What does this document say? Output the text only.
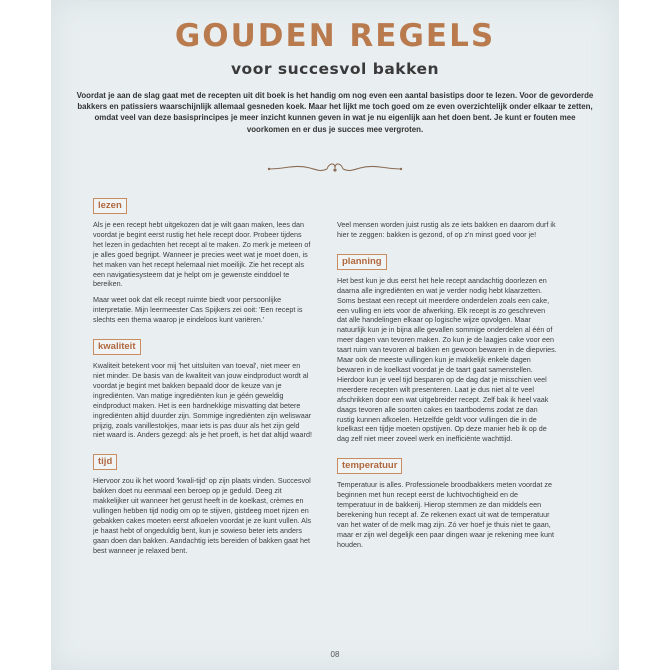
GOUDEN REGELS
voor succesvol bakken

Voordat je aan de slag gaat met de recepten uit dit boek is het handig om nog even een aantal basistips door te lezen. Voor de gevorderde bakkers en patissiers waarschijnlijk allemaal gesneden koek. Maar het lijkt me toch goed om ze even overzichtelijk onder elkaar te zetten, omdat veel van deze basisprincipes je meer inzicht kunnen geven in wat je nu eigenlijk aan het doen bent. Je kunt er fouten mee voorkomen en er dus je succes mee vergroten.

lezen

Als je een recept hebt uitgekozen dat je wilt gaan maken, lees dan voordat je begint eerst rustig het hele recept door. Probeer tijdens het lezen in gedachten het recept al te maken. Zo merk je meteen of je alles goed begrijpt. Wanneer je precies weet wat je moet doen, is het maken van het recept helemaal niet moeilijk. Zie het recept als een navigatiesysteem dat je helpt om je gewenste einddoel te bereiken.

Maar weet ook dat elk recept ruimte biedt voor persoonlijke interpretatie. Mijn leermeester Cas Spijkers zei ooit: 'Een recept is slechts een thema waarop je eindeloos kunt variëren.'

kwaliteit

Kwaliteit betekent voor mij 'het uitsluiten van toeval', niet meer en niet minder. De basis van de kwaliteit van jouw eindproduct wordt al voordat je begint met bakken bepaald door de keuze van je ingrediënten. Van matige ingrediënten kun je géén geweldig eindproduct maken. Het is een hardnekkige misvatting dat betere ingrediënten altijd duurder zijn. Sommige ingrediënten zijn weliswaar prijzig, zoals vanillestokjes, maar iets is pas duur als het zijn geld niet waard is. Anders gezegd: als je het proeft, is het dat altijd waard!

tijd

Hiervoor zou ik het woord 'kwali-tijd' op zijn plaats vinden. Succesvol bakken doet nu eenmaal een beroep op je geduld. Deeg zit makkelijker uit wanneer het gerust heeft in de koelkast, crèmes en vullingen hebben tijd nodig om op te stijven, gistdeeg moet rijzen en gebakken cakes moeten eerst afkoelen voordat je ze kunt vullen. Als je haast hebt of ongeduldig bent, kun je sowieso beter iets anders gaan doen dan bakken. Aandachtig iets bereiden of bakken gaat het best wanneer je relaxed bent.

Veel mensen worden juist rustig als ze iets bakken en daarom durf ik hier te zeggen: bakken is gezond, of op z'n minst goed voor je!

planning

Het best kun je dus eerst het hele recept aandachtig doorlezen en daarna alle ingrediënten en wat je verder nodig hebt klaarzetten. Soms bestaat een recept uit meerdere onderdelen zoals een cake, een vulling en iets voor de afwerking. Elk recept is zo geschreven dat alle handelingen elkaar op logische wijze opvolgen. Maar natuurlijk kun je in bijna alle gevallen sommige onderdelen al één of meer dagen van tevoren maken. Zo kun je de laagjes cake voor een taart ruim van tevoren al bakken en gewoon bewaren in de diepvries. Maar ook de meeste vullingen kun je makkelijk enkele dagen bewaren in de koelkast voordat je de taart gaat samenstellen. Hierdoor kun je veel tijd besparen op de dag dat je misschien veel meerdere recepten wilt presenteren. Laat je dus niet al te veel afschrikken door een wat uitgebreider recept. Zelf bak ik heel vaak daags tevoren alle soorten cakes en taartbodems zodat ze dan rustig kunnen afkoelen. Hetzelfde geldt voor vullingen die in de koelkast een tijdje moeten opstijven. Op deze manier heb ik op de dag zelf niet meer zoveel werk en inefficiënte wachttijd.

temperatuur

Temperatuur is alles. Professionele broodbakkers meten voordat ze beginnen met hun recept eerst de luchtvochtigheid en de temperatuur in de bakkerij. Hierop stemmen ze dan middels een berekening hun recept af. Ze rekenen exact uit wat de temperatuur van het water of de melk mag zijn. Zó ver hoef je thuis niet te gaan, maar er zijn wel degelijk een paar dingen waar je rekening mee kunt houden.

08
